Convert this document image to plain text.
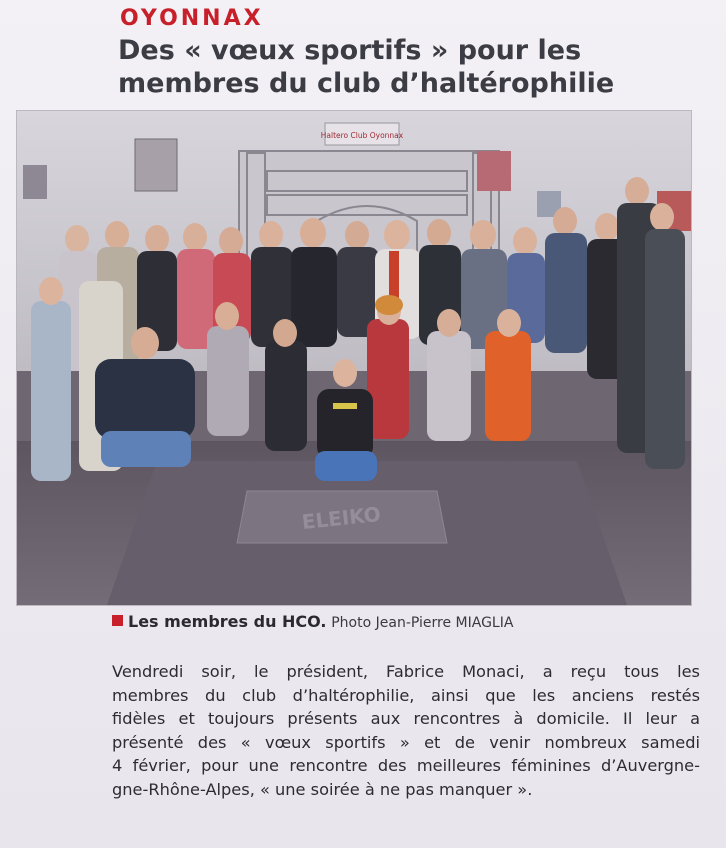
OYONNAX
Des « vœux sportifs » pour les
membres du club d’haltérophilie
Haltero Club Oyonnax
ELEIKO
Les membres du HCO. Photo Jean-Pierre MIAGLIA
Vendredi soir, le président, Fabrice Monaci, a reçu tous les
membres du club d’haltérophilie, ainsi que les anciens restés
fidèles et toujours présents aux rencontres à domicile. Il leur a
présenté des « vœux sportifs » et de venir nombreux samedi
4 février, pour une rencontre des meilleures féminines d’Auvergne-
gne-Rhône-Alpes, « une soirée à ne pas manquer ».
